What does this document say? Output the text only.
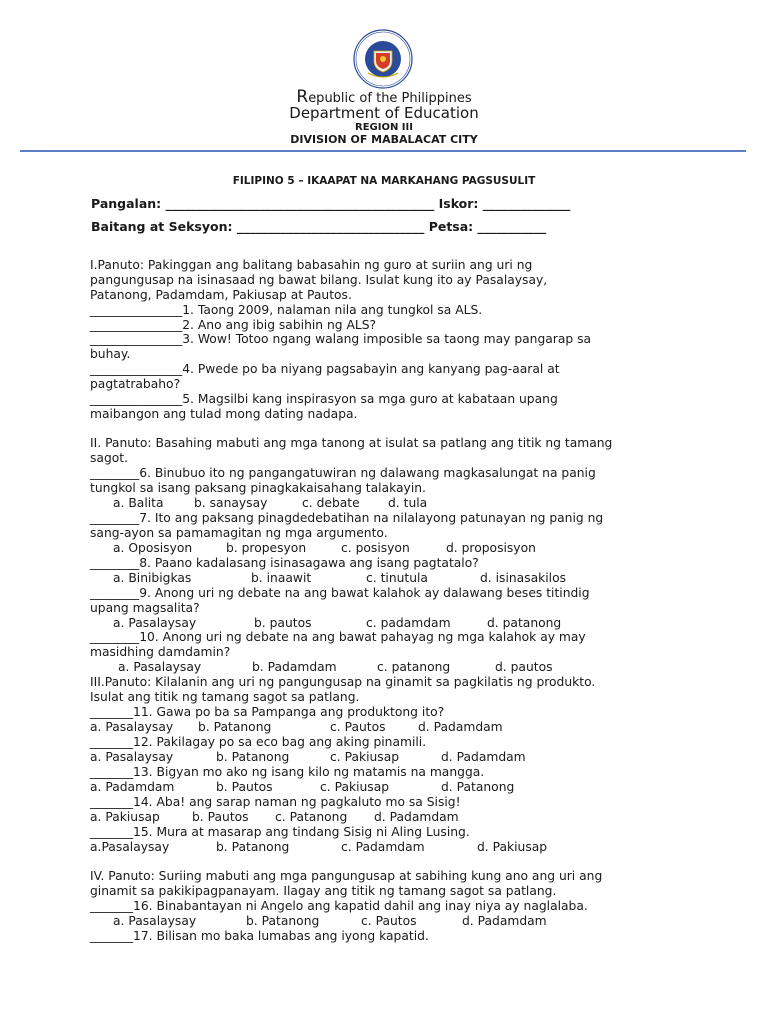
Republic of the Philippines
Department of Education
REGION III
DIVISION OF MABALACAT CITY
FILIPINO 5 – IKAAPAT NA MARKAHANG PAGSUSULIT
Pangalan: ___________________________________________ Iskor: ______________
Baitang at Seksyon: ______________________________ Petsa: ___________
I.Panuto: Pakinggan ang balitang babasahin ng guro at suriin ang uri ng
pangungusap na isinasaad ng bawat bilang. Isulat kung ito ay Pasalaysay,
Patanong, Padamdam, Pakiusap at Pautos.
_______________1. Taong 2009, nalaman nila ang tungkol sa ALS.
_______________2. Ano ang ibig sabihin ng ALS?
_______________3. Wow! Totoo ngang walang imposible sa taong may pangarap sa
buhay.
_______________4. Pwede po ba niyang pagsabayin ang kanyang pag-aaral at
pagtatrabaho?
_______________5. Magsilbi kang inspirasyon sa mga guro at kabataan upang
maibangon ang tulad mong dating nadapa.
II. Panuto: Basahing mabuti ang mga tanong at isulat sa patlang ang titik ng tamang
sagot.
________6. Binubuo ito ng pangangatuwiran ng dalawang magkasalungat na panig
tungkol sa isang paksang pinagkakaisahang talakayin.
a. Balita b. sanaysay	c. debate d. tula
________7. Ito ang paksang pinagdedebatihan na nilalayong patunayan ng panig ng
sang-ayon sa pamamagitan ng mga argumento.
a. Oposisyon	b. propesyon	c. posisyon	d. proposisyon
________8. Paano kadalasang isinasagawa ang isang pagtatalo?
a. Binibigkas	b. inaawit	c. tinutula	d. isinasakilos
________9. Anong uri ng debate na ang bawat kalahok ay dalawang beses titindig
upang magsalita?
a. Pasalaysay	b. pautos	c. padamdam	d. patanong
________10. Anong uri ng debate na ang bawat pahayag ng mga kalahok ay may
masidhing damdamin?
a. Pasalaysay	b. Padamdam	c. patanong	d. pautos
III.Panuto: Kilalanin ang uri ng pangungusap na ginamit sa pagkilatis ng produkto.
Isulat ang titik ng tamang sagot sa patlang.
_______11. Gawa po ba sa Pampanga ang produktong ito?
a. Pasalaysay b. Patanong	c. Pautos	d. Padamdam
_______12. Pakilagay po sa eco bag ang aking pinamili.
a. Pasalaysay	b. Patanong	c. Pakiusap	d. Padamdam
_______13. Bigyan mo ako ng isang kilo ng matamis na mangga.
a. Padamdam	b. Pautos	c. Pakiusap	d. Patanong
_______14. Aba! ang sarap naman ng pagkaluto mo sa Sisig!
a. Pakiusap	b. Pautos c. Patanong d. Padamdam
_______15. Mura at masarap ang tindang Sisig ni Aling Lusing.
a.Pasalaysay	b. Patanong	c. Padamdam	d. Pakiusap
IV. Panuto: Suriing mabuti ang mga pangungusap at sabihing kung ano ang uri ang
ginamit sa pakikipagpanayam. Ilagay ang titik ng tamang sagot sa patlang.
_______16. Binabantayan ni Angelo ang kapatid dahil ang inay niya ay naglalaba.
a. Pasalaysay	b. Patanong	c. Pautos	d. Padamdam
_______17. Bilisan mo baka lumabas ang iyong kapatid.
